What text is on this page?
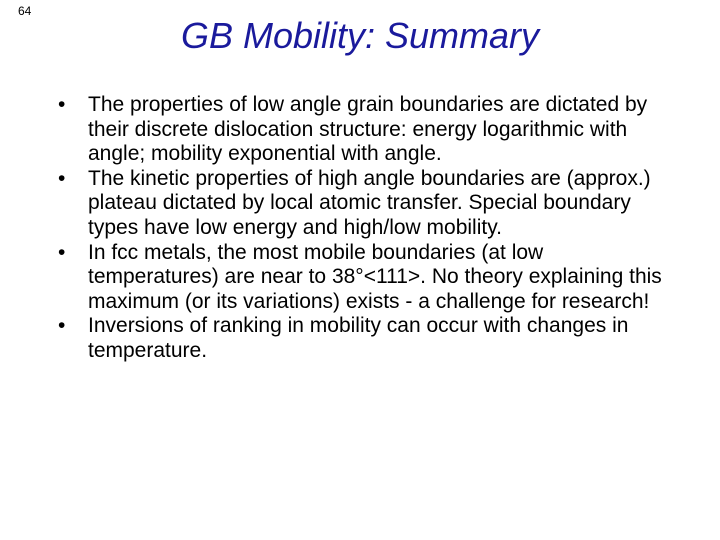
64
GB Mobility: Summary
• The properties of low angle grain boundaries are dictated by their discrete dislocation structure: energy logarithmic with angle; mobility exponential with angle.
• The kinetic properties of high angle boundaries are (approx.) plateau dictated by local atomic transfer. Special boundary types have low energy and high/low mobility.
• In fcc metals, the most mobile boundaries (at low temperatures) are near to 38°<111>. No theory explaining this maximum (or its variations) exists - a challenge for research!
• Inversions of ranking in mobility can occur with changes in temperature.
